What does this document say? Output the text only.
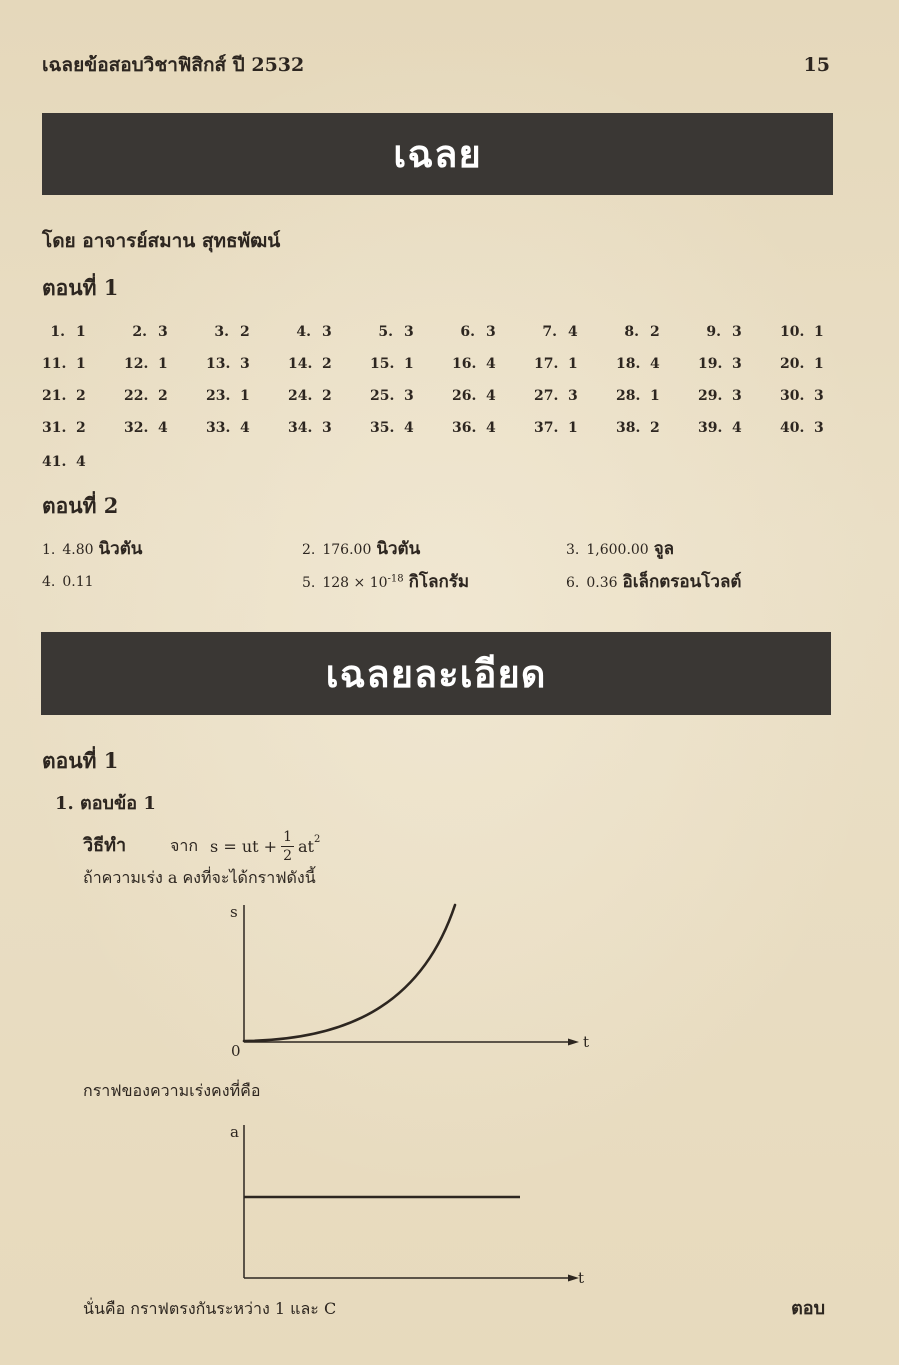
เฉลยข้อสอบวิชาฟิสิกส์ ปี 2532	15
เฉลย
โดย อาจารย์สมาน สุทธพัฒน์
ตอนที่ 1
1. 1	2. 3	3. 2	4. 3	5. 3	6. 3	7. 4	8. 2	9. 3	10. 1
11. 1	12. 1	13. 3	14. 2	15. 1	16. 4	17. 1	18. 4	19. 3	20. 1
21. 2	22. 2	23. 1	24. 2	25. 3	26. 4	27. 3	28. 1	29. 3	30. 3
31. 2	32. 4	33. 4	34. 3	35. 4	36. 4	37. 1	38. 2	39. 4	40. 3
41. 4
ตอนที่ 2
1. 4.80 นิวตัน	2. 176.00 นิวตัน	3. 1,600.00 จูล
4. 0.11	5. $128 \times 10^{-18}$ กิโลกรัม	6. 0.36 อิเล็กตรอนโวลต์
เฉลยละเอียด
ตอนที่ 1
1. ตอบข้อ 1
วิธีทำ	จาก s = ut + $\frac{1}{2} at^2$
ถ้าความเร่ง a คงที่จะได้กราฟดังนี้
s
0	t
กราฟของความเร่งคงที่คือ
a
t
นั่นคือ กราฟตรงกันระหว่าง 1 และ C	ตอบ
